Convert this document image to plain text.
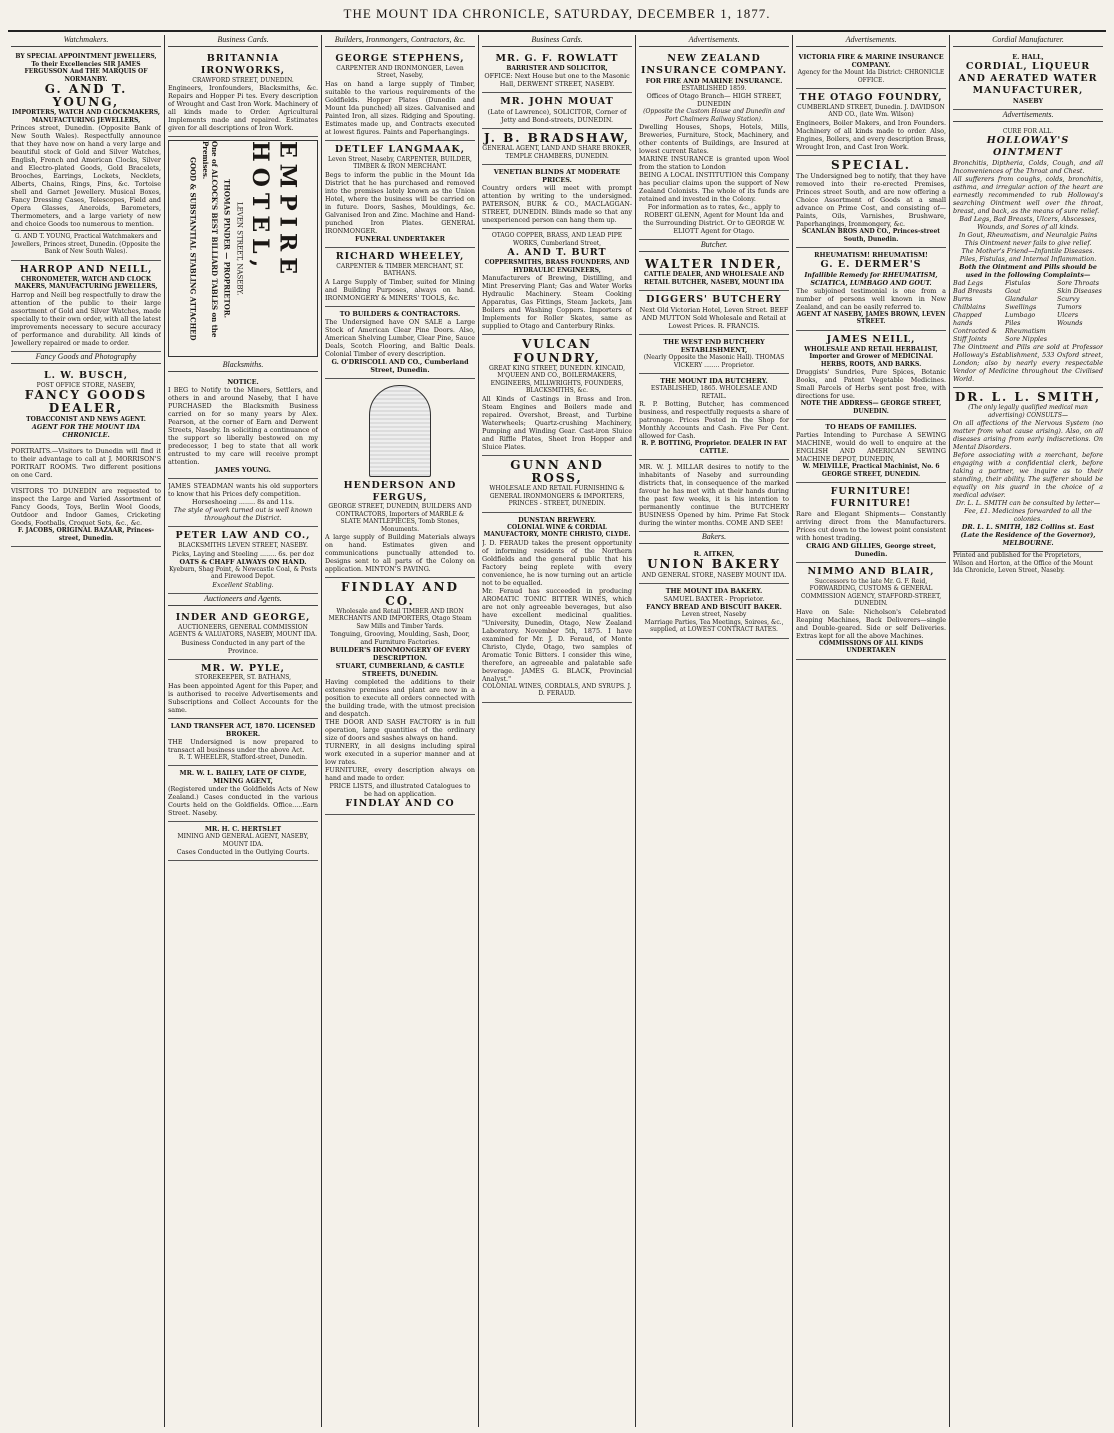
THE MOUNT IDA CHRONICLE, SATURDAY, DECEMBER 1, 1877.
Watchmakers.
BY SPECIAL APPOINTMENT JEWELLERS, To their Excellencies SIR JAMES FERGUSSON And THE MARQUIS OF NORMANBY.
G. AND T. YOUNG,
IMPORTERS, WATCH AND CLOCKMAKERS, MANUFACTURING JEWELLERS,
Princes street, Dunedin. (Opposite Bank of New South Wales). Respectfully announce that they have now on hand a very large and beautiful stock of Gold and Silver Watches, English, French and American Clocks, Silver and Electro-plated Goods, Gold Bracelets, Brooches, Earrings, Lockets, Necklets, Alberts, Chains, Rings, Pins, &c. Tortoise shell and Garnet Jewellery. Musical Boxes, Fancy Dressing Cases, Telescopes, Field and Opera Glasses, Aneroids, Barometers, Thermometers, and a large variety of new and choice Goods too numerous to mention.
G. AND T. YOUNG, Practical Watchmakers and Jewellers, Princes street, Dunedin. (Opposite the Bank of New South Wales).
HARROP AND NEILL,
CHRONOMETER, WATCH AND CLOCK MAKERS, MANUFACTURING JEWELLERS,
Harrop and Neill beg respectfully to draw the attention of the public to their large assortment of Gold and Silver Watches, made specially to their own order, with all the latest improvements necessary to secure accuracy of performance and durability. All kinds of Jewellery repaired or made to order.
Fancy Goods and Photography
L. W. BUSCH,
POST OFFICE STORE, NASEBY,
FANCY GOODS DEALER,
TOBACCONIST AND NEWS AGENT.
AGENT FOR THE MOUNT IDA CHRONICLE.
PORTRAITS.—Visitors to Dunedin will find it to their advantage to call at J. MORRISON'S PORTRAIT ROOMS. Two different positions on one Card.
VISITORS TO DUNEDIN are requested to inspect the Large and Varied Assortment of Fancy Goods, Toys, Berlin Wool Goods, Outdoor and Indoor Games, Cricketing Goods, Footballs, Croquet Sets, &c., &c.
F. JACOBS, ORIGINAL BAZAAR, Princes-street, Dunedin.
Business Cards.
BRITANNIA IRONWORKS,
CRAWFORD STREET, DUNEDIN.
Engineers, Ironfounders, Blacksmiths, &c. Repairs and Hopper Pi tes. Every description of Wrought and Cast Iron Work. Machinery of all kinds made to Order. Agricultural Implements made and repaired. Estimates given for all descriptions of Iron Work.
GOOD & SUBSTANTIAL STABLING ATTACHED	One of ALCOCK'S BEST BILLIARD TABLES on the Premises.
THOMAS PINDER — PROPRIETOR. LEVEN STREET, NASEBY.	EMPIRE HOTEL,
Blacksmiths.
NOTICE.
I BEG to Notify to the Miners, Settlers, and others in and around Naseby, that I have PURCHASED the Blacksmith Business carried on for so many years by Alex. Pearson, at the corner of Earn and Derwent Streets, Naseby. In soliciting a continuance of the support so liberally bestowed on my predecessor, I beg to state that all work entrusted to my care will receive prompt attention.
JAMES YOUNG.
JAMES STEADMAN wants his old supporters to know that his Prices defy competition.
Horseshoeing ........ 8s and 11s.
The style of work turned out is well known throughout the District.
PETER LAW AND CO.,
BLACKSMITHS LEVEN STREET, NASEBY.
Picks, Laying and Steeling ........ 6s. per doz
OATS & CHAFF ALWAYS ON HAND.
Kyeburn, Shag Point, & Newcastle Coal, & Posts and Firewood Depot.
Excellent Stabling.
Auctioneers and Agents.
INDER AND GEORGE,
AUCTIONEERS, GENERAL COMMISSION AGENTS & VALUATORS, NASEBY, MOUNT IDA.
Business Conducted in any part of the Province.
MR. W. PYLE,
STOREKEEPER, ST. BATHANS,
Has been appointed Agent for this Paper, and is authorised to receive Advertisements and Subscriptions and Collect Accounts for the same.
LAND TRANSFER ACT, 1870. LICENSED BROKER.
THE Undersigned is now prepared to transact all business under the above Act.
R. T. WHEELER, Stafford-street, Dunedin.
MR. W. L. BAILEY, LATE OF CLYDE, MINING AGENT,
(Registered under the Goldfields Acts of New Zealand.) Cases conducted in the various Courts held on the Goldfields. Office.....Earn Street. Naseby.
MR. H. C. HERTSLET
MINING AND GENERAL AGENT, NASEBY, MOUNT IDA.
Cases Conducted in the Outlying Courts.
Builders, Ironmongers, Contractors, &c.
GEORGE STEPHENS,
CARPENTER AND IRONMONGER, Leven Street, Naseby,
Has on hand a large supply of Timber, suitable to the various requirements of the Goldfields. Hopper Plates (Dunedin and Mount Ida punched) all sizes. Galvanised and Painted Iron, all sizes. Ridging and Spouting. Estimates made up, and Contracts executed at lowest figures. Paints and Paperhangings.
DETLEF LANGMAAK,
Leven Street, Naseby, CARPENTER, BUILDER, TIMBER & IRON MERCHANT.
Begs to inform the public in the Mount Ida District that he has purchased and removed into the premises lately known as the Union Hotel, where the business will be carried on in future. Doors, Sashes, Mouldings, &c. Galvanised Iron and Zinc. Machine and Hand-punched Iron Plates. GENERAL IRONMONGER.
FUNERAL UNDERTAKER
RICHARD WHEELEY,
CARPENTER & TIMBER MERCHANT, ST. BATHANS.
A Large Supply of Timber, suited for Mining and Building Purposes, always on hand. IRONMONGERY & MINERS' TOOLS, &c.
TO BUILDERS & CONTRACTORS.
The Undersigned have ON SALE a Large Stock of American Clear Pine Doors. Also, American Shelving Lumber, Clear Pine, Sauce Deals, Scotch Flooring, and Baltic Deals. Colonial Timber of every description.
G. O'DRISCOLL AND CO., Cumberland Street, Dunedin.
HENDERSON AND FERGUS,
GEORGE STREET, DUNEDIN, BUILDERS AND CONTRACTORS, Importers of MARBLE & SLATE MANTLEPIECES, Tomb Stones, Monuments.
A large supply of Building Materials always on hand. Estimates given and communications punctually attended to. Designs sent to all parts of the Colony on application. MINTON'S PAVING.
FINDLAY AND CO.
Wholesale and Retail TIMBER AND IRON MERCHANTS AND IMPORTERS, Otago Steam Saw Mills and Timber Yards.
Tonguing, Grooving, Moulding, Sash, Door, and Furniture Factories.
BUILDER'S IRONMONGERY OF EVERY DESCRIPTION.
STUART, CUMBERLAND, & CASTLE STREETS, DUNEDIN.
Having completed the additions to their extensive premises and plant are now in a position to execute all orders connected with the building trade, with the utmost precision and despatch.
THE DOOR AND SASH FACTORY is in full operation, large quantities of the ordinary size of doors and sashes always on hand.
TURNERY, in all designs including spiral work executed in a superior manner and at low rates.
FURNITURE, every description always on hand and made to order.
PRICE LISTS, and illustrated Catalogues to be had on application.
FINDLAY AND CO
Business Cards.
MR. G. F. ROWLATT
BARRISTER AND SOLICITOR,
OFFICE: Next House but one to the Masonic Hall, DERWENT STREET, NASEBY.
MR. JOHN MOUAT
(Late of Lawrence), SOLICITOR, Corner of Jetty and Bond-streets, DUNEDIN.
J. B. BRADSHAW,
GENERAL AGENT, LAND AND SHARE BROKER, TEMPLE CHAMBERS, DUNEDIN.
VENETIAN BLINDS AT MODERATE PRICES.
Country orders will meet with prompt attention by writing to the undersigned. PATERSON, BURK & CO., MACLAGGAN-STREET, DUNEDIN. Blinds made so that any unexperienced person can hang them up.
OTAGO COPPER, BRASS, AND LEAD PIPE WORKS, Cumberland Street,
A. AND T. BURT
COPPERSMITHS, BRASS FOUNDERS, AND HYDRAULIC ENGINEERS,
Manufacturers of Brewing, Distilling, and Mint Preserving Plant; Gas and Water Works Hydraulic Machinery. Steam Cooking Apparatus, Gas Fittings, Steam Jackets, Jam Boilers and Washing Coppers. Importers of Implements for Roller Skates, same as supplied to Otago and Canterbury Rinks.
VULCAN FOUNDRY,
GREAT KING STREET, DUNEDIN. KINCAID, M'QUEEN AND CO., BOILERMAKERS, ENGINEERS, MILLWRIGHTS, FOUNDERS, BLACKSMITHS, &c.
All Kinds of Castings in Brass and Iron. Steam Engines and Boilers made and repaired. Overshot, Breast, and Turbine Waterwheels; Quartz-crushing Machinery, Pumping and Winding Gear. Cast-iron Sluice and Riffle Plates, Sheet Iron Hopper and Sluice Plates.
GUNN AND ROSS,
WHOLESALE AND RETAIL FURNISHING & GENERAL IRONMONGERS & IMPORTERS, PRINCES - STREET, DUNEDIN.
DUNSTAN BREWERY.
COLONIAL WINE & CORDIAL MANUFACTORY, MONTE CHRISTO, CLYDE.
J. D. FERAUD takes the present opportunity of informing residents of the Northern Goldfields and the general public that his Factory being replete with every convenience, he is now turning out an article not to be equalled.
Mr. Feraud has succeeded in producing AROMATIC TONIC BITTER WINES, which are not only agreeable beverages, but also have excellent medicinal qualities. "University, Dunedin, Otago, New Zealand Laboratory. November 5th, 1875. I have examined for Mr. J. D. Feraud, of Monte Christo, Clyde, Otago, two samples of Aromatic Tonic Bitters. I consider this wine, therefore, an agreeable and palatable safe beverage. JAMES G. BLACK, Provincial Analyst."
COLONIAL WINES, CORDIALS, AND SYRUPS. J. D. FERAUD.
Advertisements.
NEW ZEALAND INSURANCE COMPANY.
FOR FIRE AND MARINE INSURANCE.
ESTABLISHED 1859.
Offices of Otago Branch— HIGH STREET, DUNEDIN
(Opposite the Custom House and Dunedin and Port Chalmers Railway Station).
Dwelling Houses, Shops, Hotels, Mills, Breweries, Furniture, Stock, Machinery, and other contents of Buildings, are Insured at lowest current Rates.
MARINE INSURANCE is granted upon Wool from the station to London
BEING A LOCAL INSTITUTION this Company has peculiar claims upon the support of New Zealand Colonists. The whole of its funds are retained and invested in the Colony.
For information as to rates, &c., apply to ROBERT GLENN, Agent for Mount Ida and the Surrounding District. Or to GEORGE W. ELIOTT Agent for Otago.
Butcher.
WALTER INDER,
CATTLE DEALER, AND WHOLESALE AND RETAIL BUTCHER, NASEBY, MOUNT IDA
DIGGERS' BUTCHERY
Next Old Victorian Hotel, Leven Street. BEEF AND MUTTON Sold Wholesale and Retail at Lowest Prices. R. FRANCIS.
THE WEST END BUTCHERY ESTABLISHMENT,
(Nearly Opposite the Masonic Hall). THOMAS VICKERY ........ Proprietor.
THE MOUNT IDA BUTCHERY.
ESTABLISHED, 1865. WHOLESALE AND RETAIL.
R. P. Botting, Butcher, has commenced business, and respectfully requests a share of patronage. Prices Posted in the Shop for Monthly Accounts and Cash. Five Per Cent. allowed for Cash.
R. P. BOTTING, Proprietor. DEALER IN FAT CATTLE.
MR. W. J. MILLAR desires to notify to the inhabitants of Naseby and surrounding districts that, in consequence of the marked favour he has met with at their hands during the past few weeks, it is his intention to permanently continue the BUTCHERY BUSINESS Opened by him. Prime Fat Stock during the winter months. COME AND SEE!
Bakers.
R. AITKEN,
UNION BAKERY
AND GENERAL STORE, NASEBY MOUNT IDA.
THE MOUNT IDA BAKERY.
SAMUEL BAXTER - Proprietor.
FANCY BREAD AND BISCUIT BAKER.
Leven street, Naseby
Marriage Parties, Tea Meetings, Soirees, &c., supplied, at LOWEST CONTRACT RATES.
Advertisements.
VICTORIA FIRE & MARINE INSURANCE COMPANY.
Agency for the Mount Ida District: CHRONICLE OFFICE.
THE OTAGO FOUNDRY,
CUMBERLAND STREET, Dunedin. J. DAVIDSON AND CO., (late Wm. Wilson)
Engineers, Boiler Makers, and Iron Founders. Machinery of all kinds made to order. Also, Engines, Boilers, and every description Brass, Wrought Iron, and Cast Iron Work.
SPECIAL.
The Undersigned beg to notify, that they have removed into their re-erected Premises, Princes street South, and are now offering a Choice Assortment of Goods at a small advance on Prime Cost, and consisting of— Paints, Oils, Varnishes, Brushware, Paperhangings, Ironmongery, &c.
SCANLAN BROS AND CO., Princes-street South, Dunedin.
RHEUMATISM! RHEUMATISM!
G. E. DERMER'S
Infallible Remedy for RHEUMATISM, SCIATICA, LUMBAGO AND GOUT.
The subjoined testimonial is one from a number of persons well known in New Zealand, and can be easily referred to.
AGENT AT NASEBY, JAMES BROWN, LEVEN STREET.
JAMES NEILL,
WHOLESALE AND RETAIL HERBALIST, Importer and Grower of MEDICINAL HERBS, ROOTS, AND BARKS.
Druggists' Sundries, Pure Spices, Botanic Books, and Patent Vegetable Medicines. Small Parcels of Herbs sent post free, with directions for use.
NOTE THE ADDRESS— GEORGE STREET, DUNEDIN.
TO HEADS OF FAMILIES.
Parties Intending to Purchase A SEWING MACHINE, would do well to enquire at the ENGLISH AND AMERICAN SEWING MACHINE DEPOT, DUNEDIN,
W. MELVILLE, Practical Machinist, No. 6 GEORGE STREET, DUNEDIN.
FURNITURE! FURNITURE!
Rare and Elegant Shipments— Constantly arriving direct from the Manufacturers. Prices cut down to the lowest point consistent with honest trading.
CRAIG AND GILLIES, George street, Dunedin.
NIMMO AND BLAIR,
Successors to the late Mr. G. F. Reid, FORWARDING, CUSTOMS & GENERAL COMMISSION AGENCY, STAFFORD-STREET, DUNEDIN.
Have on Sale: Nicholson's Celebrated Reaping Machines, Back Deliverers—single and Double-geared. Side or self Deliveries. Extras kept for all the above Machines.
COMMISSIONS OF ALL KINDS UNDERTAKEN
Cordial Manufacturer.
E. HALL,
CORDIAL, LIQUEUR AND AERATED WATER MANUFACTURER,
NASEBY
Advertisements.
CURE FOR ALL.
HOLLOWAY'S OINTMENT
Bronchitis, Diptheria, Colds, Cough, and all Inconveniences of the Throat and Chest.
All sufferers from coughs, colds, bronchitis, asthma, and irregular action of the heart are earnestly recommended to rub Holloway's searching Ointment well over the throat, breast, and back, as the means of sure relief.
Bad Legs, Bad Breasts, Ulcers, Abscesses, Wounds, and Sores of all kinds.
In Gout, Rheumatism, and Neuralgic Pains This Ointment never fails to give relief.
The Mother's Friend—Infantile Diseases.
Piles, Fistulas, and Internal Inflammation.
Both the Ointment and Pills should be used in the following Complaints—
Bad Legs
Bad Breasts
Burns
Chilblains
Chapped hands
Contracted & Stiff Joints
Fistulas
Gout
Glandular Swellings
Lumbago
Piles
Rheumatism
Sore Nipples
Sore Throats
Skin Diseases
Scurvy
Tumors
Ulcers
Wounds
The Ointment and Pills are sold at Professor Holloway's Establishment, 533 Oxford street, London; also by nearly every respectable Vendor of Medicine throughout the Civilised World.
DR. L. L. SMITH,
(The only legally qualified medical man advertising) CONSULTS—
On all affections of the Nervous System (no matter from what cause arising). Also, on all diseases arising from early indiscretions. On Mental Disorders.
Before associating with a merchant, before engaging with a confidential clerk, before taking a partner, we inquire as to their standing, their ability. The sufferer should be equally on his guard in the choice of a medical adviser.
Dr. L. L. SMITH can be consulted by letter—Fee, £1. Medicines forwarded to all the colonies.
DR. L. L. SMITH, 182 Collins st. East (Late the Residence of the Governor), MELBOURNE.
Printed and published for the Proprietors, Wilson and Horton, at the Office of the Mount Ida Chronicle, Leven Street, Naseby.
